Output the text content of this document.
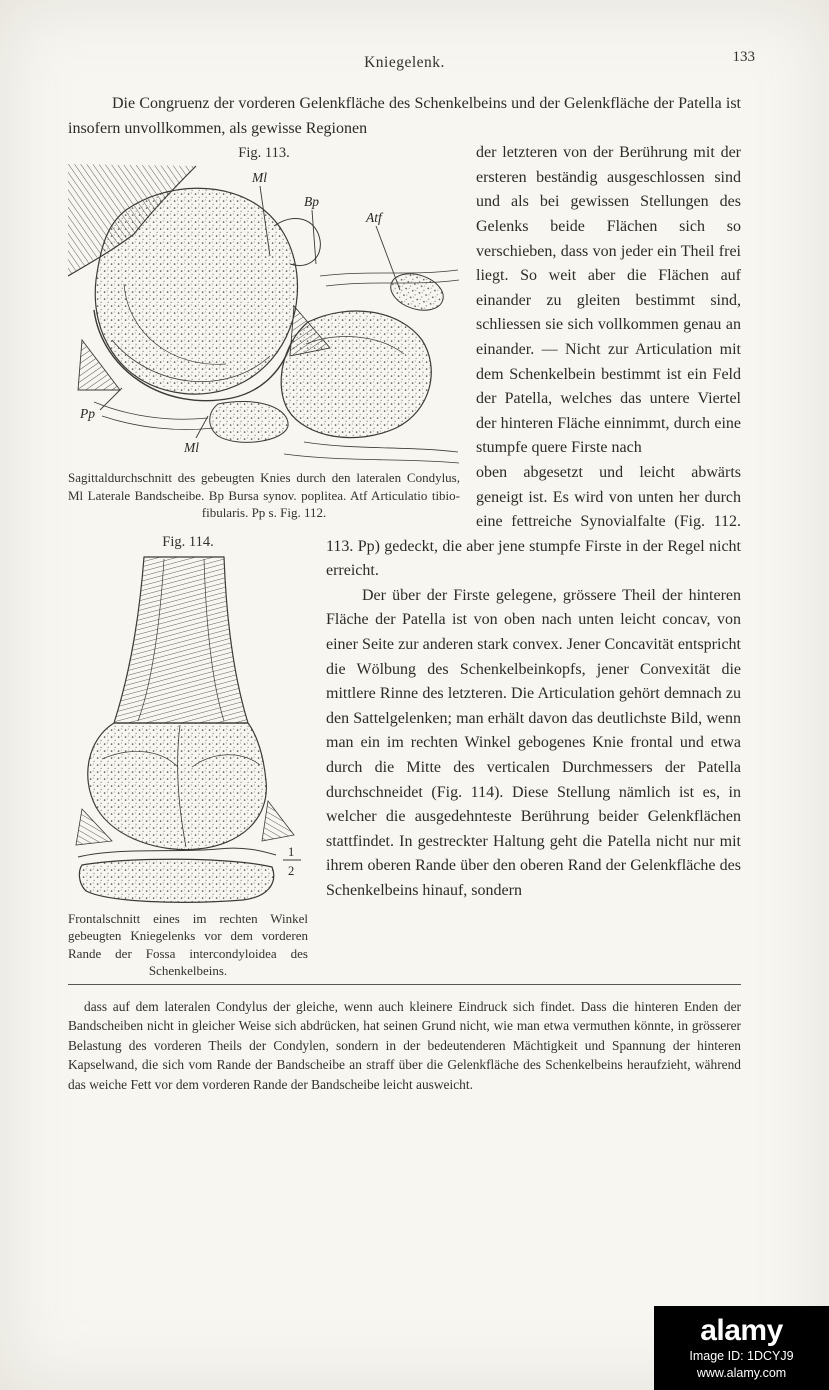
Kniegelenk.	133

Die Congruenz der vorderen Gelenkfläche des Schenkelbeins und der Gelenkfläche der Patella ist insofern unvollkommen, als gewisse Regionen

Fig. 113.
Ml
Bp
Atf
Pp
Ml
Sagittaldurchschnitt des gebeugten Knies durch den lateralen Condylus, Ml Laterale Bandscheibe. Bp Bursa synov. poplitea. Atf Articulatio tibio-fibularis. Pp s. Fig. 112.

der letzteren von der Berührung mit der ersteren beständig ausgeschlossen sind und als bei gewissen Stellungen des Gelenks beide Flächen sich so verschieben, dass von jeder ein Theil frei liegt. So weit aber die Flächen auf einander zu gleiten bestimmt sind, schliessen sie sich vollkommen genau an einander. — Nicht zur Articulation mit dem Schenkelbein bestimmt ist ein Feld der Patella, welches das untere Viertel der hinteren Fläche einnimmt, durch eine stumpfe quere Firste nach

Fig. 114.
1
2
Frontalschnitt eines im rechten Winkel gebeugten Kniegelenks vor dem vorderen Rande der Fossa intercondyloidea des Schenkelbeins.

oben abgesetzt und leicht abwärts geneigt ist. Es wird von unten her durch eine fettreiche Synovialfalte (Fig. 112. 113. Pp) gedeckt, die aber jene stumpfe Firste in der Regel nicht erreicht.

Der über der Firste gelegene, grössere Theil der hinteren Fläche der Patella ist von oben nach unten leicht concav, von einer Seite zur anderen stark convex. Jener Concavität entspricht die Wölbung des Schenkelbeinkopfs, jener Convexität die mittlere Rinne des letzteren. Die Articulation gehört demnach zu den Sattelgelenken; man erhält davon das deutlichste Bild, wenn man ein im rechten Winkel gebogenes Knie frontal und etwa durch die Mitte des verticalen Durchmessers der Patella durchschneidet (Fig. 114). Diese Stellung nämlich ist es, in welcher die ausgedehnteste Berührung beider Gelenkflächen stattfindet. In gestreckter Haltung geht die Patella nicht nur mit ihrem oberen Rande über den oberen Rand der Gelenkfläche des Schenkelbeins hinauf, sondern

dass auf dem lateralen Condylus der gleiche, wenn auch kleinere Eindruck sich findet. Dass die hinteren Enden der Bandscheiben nicht in gleicher Weise sich abdrücken, hat seinen Grund nicht, wie man etwa vermuthen könnte, in grösserer Belastung des vorderen Theils der Condylen, sondern in der bedeutenderen Mächtigkeit und Spannung der hinteren Kapselwand, die sich vom Rande der Bandscheibe an straff über die Gelenkfläche des Schenkelbeins heraufzieht, während das weiche Fett vor dem vorderen Rande der Bandscheibe leicht ausweicht.

alamy
Image ID: 1DCYJ9
www.alamy.com
